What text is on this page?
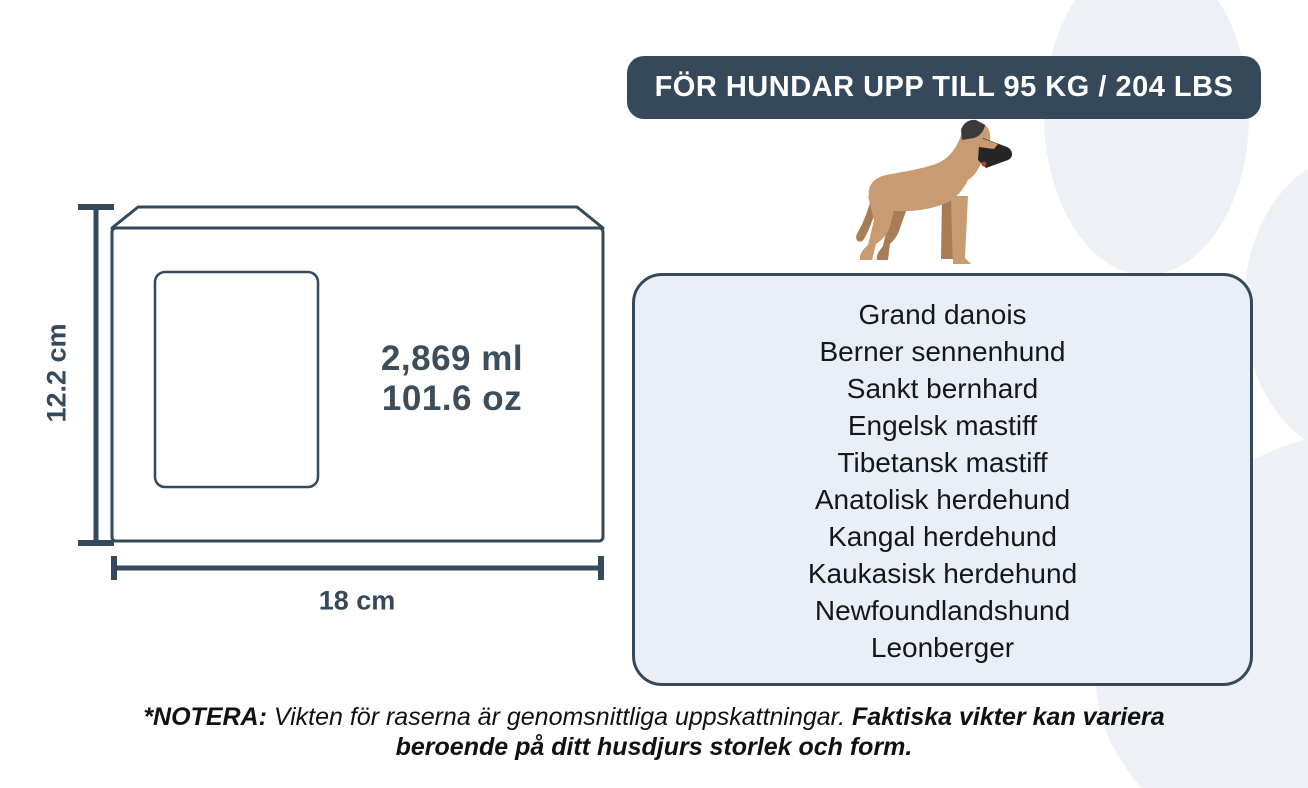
FÖR HUNDAR UPP TILL 95 KG / 204 LBS
Grand danois
Berner sennenhund
Sankt bernhard
Engelsk mastiff
Tibetansk mastiff
Anatolisk herdehund
Kangal herdehund
Kaukasisk herdehund
Newfoundlandshund
Leonberger
12.2 cm
18 cm
2,869 ml
101.6 oz
*NOTERA: Vikten för raserna är genomsnittliga uppskattningar. Faktiska vikter kan variera beroende på ditt husdjurs storlek och form.
